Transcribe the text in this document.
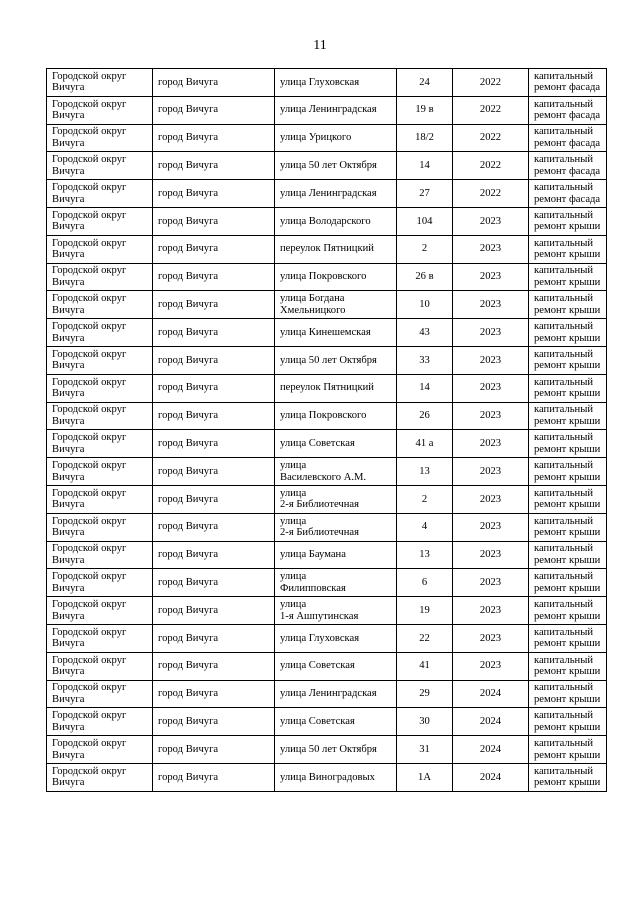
11
Городской округ
Вичуга	город Вичуга	улица Глуховская	24	2022	капитальный
ремонт фасада
Городской округ
Вичуга	город Вичуга	улица Ленинградская	19 в	2022	капитальный
ремонт фасада
Городской округ
Вичуга	город Вичуга	улица Урицкого	18/2	2022	капитальный
ремонт фасада
Городской округ
Вичуга	город Вичуга	улица 50 лет Октября	14	2022	капитальный
ремонт фасада
Городской округ
Вичуга	город Вичуга	улица Ленинградская	27	2022	капитальный
ремонт фасада
Городской округ
Вичуга	город Вичуга	улица Володарского	104	2023	капитальный
ремонт крыши
Городской округ
Вичуга	город Вичуга	переулок Пятницкий	2	2023	капитальный
ремонт крыши
Городской округ
Вичуга	город Вичуга	улица Покровского	26 в	2023	капитальный
ремонт крыши
Городской округ
Вичуга	город Вичуга	улица Богдана
Хмельницкого	10	2023	капитальный
ремонт крыши
Городской округ
Вичуга	город Вичуга	улица Кинешемская	43	2023	капитальный
ремонт крыши
Городской округ
Вичуга	город Вичуга	улица 50 лет Октября	33	2023	капитальный
ремонт крыши
Городской округ
Вичуга	город Вичуга	переулок Пятницкий	14	2023	капитальный
ремонт крыши
Городской округ
Вичуга	город Вичуга	улица Покровского	26	2023	капитальный
ремонт крыши
Городской округ
Вичуга	город Вичуга	улица Советская	41 а	2023	капитальный
ремонт крыши
Городской округ
Вичуга	город Вичуга	улица
Василевского А.М.	13	2023	капитальный
ремонт крыши
Городской округ
Вичуга	город Вичуга	улица
2-я Библиотечная	2	2023	капитальный
ремонт крыши
Городской округ
Вичуга	город Вичуга	улица
2-я Библиотечная	4	2023	капитальный
ремонт крыши
Городской округ
Вичуга	город Вичуга	улица Баумана	13	2023	капитальный
ремонт крыши
Городской округ
Вичуга	город Вичуга	улица
Филипповская	6	2023	капитальный
ремонт крыши
Городской округ
Вичуга	город Вичуга	улица
1-я Ашпутинская	19	2023	капитальный
ремонт крыши
Городской округ
Вичуга	город Вичуга	улица Глуховская	22	2023	капитальный
ремонт крыши
Городской округ
Вичуга	город Вичуга	улица Советская	41	2023	капитальный
ремонт крыши
Городской округ
Вичуга	город Вичуга	улица Ленинградская	29	2024	капитальный
ремонт крыши
Городской округ
Вичуга	город Вичуга	улица Советская	30	2024	капитальный
ремонт крыши
Городской округ
Вичуга	город Вичуга	улица 50 лет Октября	31	2024	капитальный
ремонт крыши
Городской округ
Вичуга	город Вичуга	улица Виноградовых	1А	2024	капитальный
ремонт крыши
